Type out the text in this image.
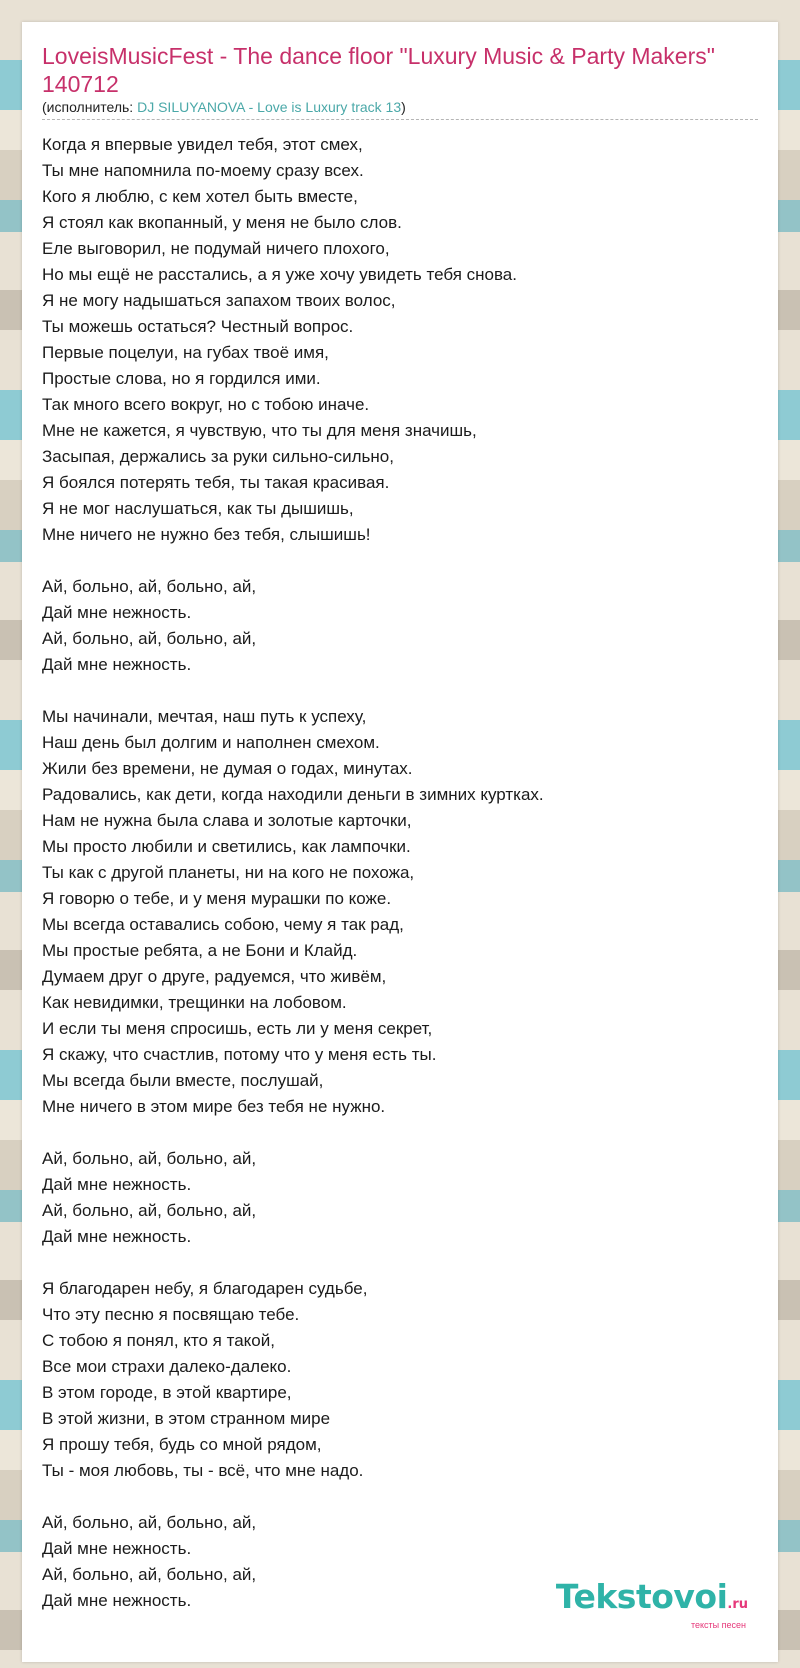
LoveisMusicFest - The dance floor "Luxury Music & Party Makers" 140712
(исполнитель: DJ SILUYANOVA - Love is Luxury track 13)
Когда я впервые увидел тебя, этот смех,
Ты мне напомнила по-моему сразу всех.
Кого я люблю, с кем хотел быть вместе,
Я стоял как вкопанный, у меня не было слов.
Еле выговорил, не подумай ничего плохого,
Но мы ещё не расстались, а я уже хочу увидеть тебя снова.
Я не могу надышаться запахом твоих волос,
Ты можешь остаться? Честный вопрос.
Первые поцелуи, на губах твоё имя,
Простые слова, но я гордился ими.
Так много всего вокруг, но с тобою иначе.
Мне не кажется, я чувствую, что ты для меня значишь,
Засыпая, держались за руки сильно-сильно,
Я боялся потерять тебя, ты такая красивая.
Я не мог наслушаться, как ты дышишь,
Мне ничего не нужно без тебя, слышишь!
Ай, больно, ай, больно, ай,
Дай мне нежность.
Ай, больно, ай, больно, ай,
Дай мне нежность.
Мы начинали, мечтая, наш путь к успеху,
Наш день был долгим и наполнен смехом.
Жили без времени, не думая о годах, минутах.
Радовались, как дети, когда находили деньги в зимних куртках.
Нам не нужна была слава и золотые карточки,
Мы просто любили и светились, как лампочки.
Ты как с другой планеты, ни на кого не похожа,
Я говорю о тебе, и у меня мурашки по коже.
Мы всегда оставались собою, чему я так рад,
Мы простые ребята, а не Бони и Клайд.
Думаем друг о друге, радуемся, что живём,
Как невидимки, трещинки на лобовом.
И если ты меня спросишь, есть ли у меня секрет,
Я скажу, что счастлив, потому что у меня есть ты.
Мы всегда были вместе, послушай,
Мне ничего в этом мире без тебя не нужно.
Ай, больно, ай, больно, ай,
Дай мне нежность.
Ай, больно, ай, больно, ай,
Дай мне нежность.
Я благодарен небу, я благодарен судьбе,
Что эту песню я посвящаю тебе.
С тобою я понял, кто я такой,
Все мои страхи далеко-далеко.
В этом городе, в этой квартире,
В этой жизни, в этом странном мире
Я прошу тебя, будь со мной рядом,
Ты - моя любовь, ты - всё, что мне надо.
Ай, больно, ай, больно, ай,
Дай мне нежность.
Ай, больно, ай, больно, ай,
Дай мне нежность.	Tekstovoi.ru
тексты песен
